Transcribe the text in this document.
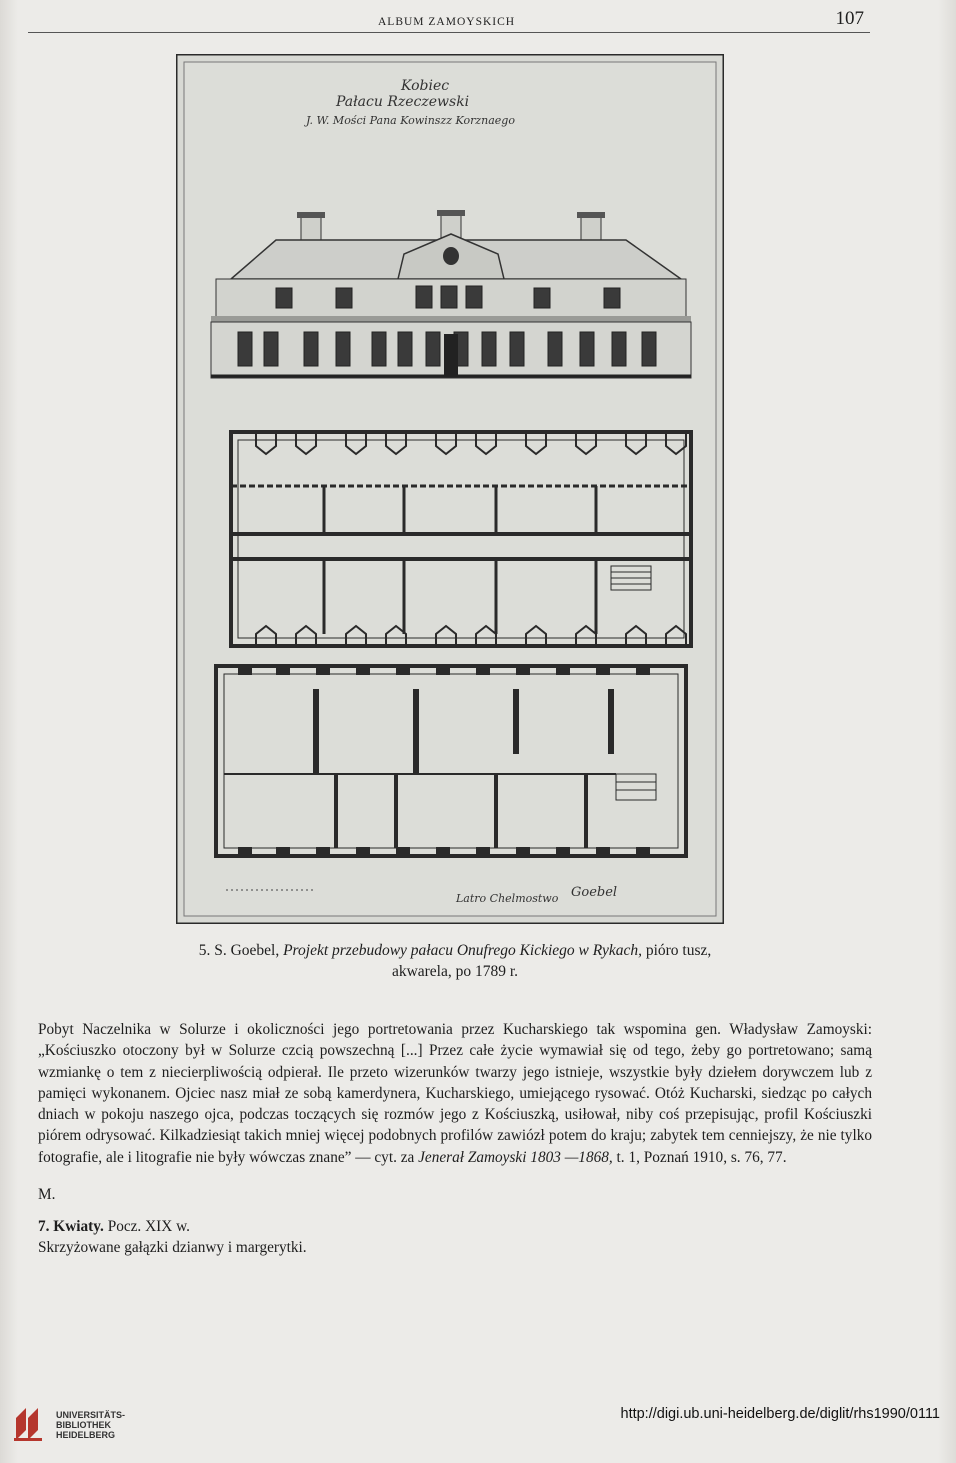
ALBUM ZAMOYSKICH	107
Kobiec
Pałacu Rzeczewski
J. W. Mości Pana Kowinszz Korznaego
Goebel
Latro Chelmostwo
5. S. Goebel, Projekt przebudowy pałacu Onufrego Kickiego w Rykach, pióro tusz,
akwarela, po 1789 r.
Pobyt Naczelnika w Solurze i okoliczności jego portretowania przez Kucharskiego tak wspomina gen. Władysław Zamoyski: „Kościuszko otoczony był w Solurze czcią powszechną [...] Przez całe życie wymawiał się od tego, żeby go portretowano; samą wzmiankę o tem z niecierpliwością odpierał. Ile przeto wizerunków twarzy jego istnieje, wszystkie były dziełem dorywczem lub z pamięci wykonanem. Ojciec nasz miał ze sobą kamerdynera, Kucharskiego, umiejącego rysować. Otóż Kucharski, siedząc po całych dniach w pokoju naszego ojca, podczas toczących się rozmów jego z Kościuszką, usiłował, niby coś przepisując, profil Kościuszki piórem odrysować. Kilkadziesiąt takich mniej więcej podobnych profilów zawiózł potem do kraju; zabytek tem cenniejszy, że nie tylko fotografie, ale i litografie nie były wówczas znane” — cyt. za Jenerał Zamoyski 1803 —1868, t. 1, Poznań 1910, s. 76, 77.
M.
7. Kwiaty. Pocz. XIX w.
Skrzyżowane gałązki dzianwy i margerytki.
UNIVERSITÄTS-
BIBLIOTHEK
HEIDELBERG
http://digi.ub.uni-heidelberg.de/diglit/rhs1990/0111
